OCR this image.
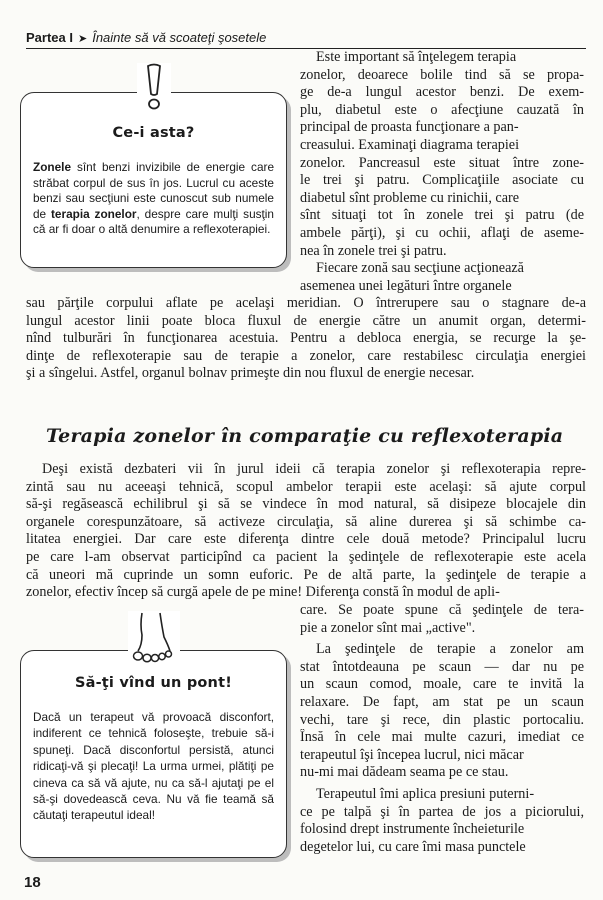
Partea I ➤ Înainte să vă scoateţi şosetele
Ce-i asta?
Zonele sînt benzi invizibile de energie care străbat corpul de sus în jos. Lucrul cu aceste benzi sau secţiuni este cunoscut sub numele de terapia zonelor, despre care mulţi susţin că ar fi doar o altă denumire a reflexoterapiei.
Este important să înţelegem terapia
zonelor, deoarece bolile tind să se propa-
ge de-a lungul acestor benzi. De exem-
plu, diabetul este o afecţiune cauzată în
principal de proasta funcţionare a pan-
creasului. Examinaţi diagrama terapiei
zonelor. Pancreasul este situat între zone-
le trei şi patru. Complicaţiile asociate cu
diabetul sînt probleme cu rinichii, care
sînt situaţi tot în zonele trei şi patru (de
ambele părţi), şi cu ochii, aflaţi de aseme-
nea în zonele trei şi patru.
Fiecare zonă sau secţiune acţionează
asemenea unei legături între organele
sau părţile corpului aflate pe acelaşi meridian. O întrerupere sau o stagnare de-a
lungul acestor linii poate bloca fluxul de energie către un anumit organ, determi-
nînd tulburări în funcţionarea acestuia. Pentru a debloca energia, se recurge la şe-
dinţe de reflexoterapie sau de terapie a zonelor, care restabilesc circulaţia energiei
şi a sîngelui. Astfel, organul bolnav primeşte din nou fluxul de energie necesar.
Terapia zonelor în comparaţie cu reflexoterapia
Deşi există dezbateri vii în jurul ideii că terapia zonelor şi reflexoterapia repre-
zintă sau nu aceeaşi tehnică, scopul ambelor terapii este acelaşi: să ajute corpul
să-şi regăsească echilibrul şi să se vindece în mod natural, să disipeze blocajele din
organele corespunzătoare, să activeze circulaţia, să aline durerea şi să schimbe ca-
litatea energiei. Dar care este diferenţa dintre cele două metode? Principalul lucru
pe care l-am observat participînd ca pacient la şedinţele de reflexoterapie este acela
că uneori mă cuprinde un somn euforic. Pe de altă parte, la şedinţele de terapie a
zonelor, efectiv încep să curgă apele de pe mine! Diferenţa constă în modul de apli-
care. Se poate spune că şedinţele de tera-
pie a zonelor sînt mai „active".
La şedinţele de terapie a zonelor am
stat întotdeauna pe scaun — dar nu pe
un scaun comod, moale, care te invită la
relaxare. De fapt, am stat pe un scaun
vechi, tare şi rece, din plastic portocaliu.
Însă în cele mai multe cazuri, imediat ce
terapeutul îşi începea lucrul, nici măcar
nu-mi mai dădeam seama pe ce stau.
Terapeutul îmi aplica presiuni puterni-
ce pe talpă şi în partea de jos a piciorului,
folosind drept instrumente încheieturile
degetelor lui, cu care îmi masa punctele
Să-ţi vînd un pont!
Dacă un terapeut vă provoacă disconfort, indiferent ce tehnică foloseşte, trebuie să-i spuneţi. Dacă disconfortul persistă, atunci ridicaţi-vă şi plecaţi! La urma urmei, plătiţi pe cineva ca să vă ajute, nu ca să-l ajutaţi pe el să-şi dovedească ceva. Nu vă fie teamă să căutaţi terapeutul ideal!
18
